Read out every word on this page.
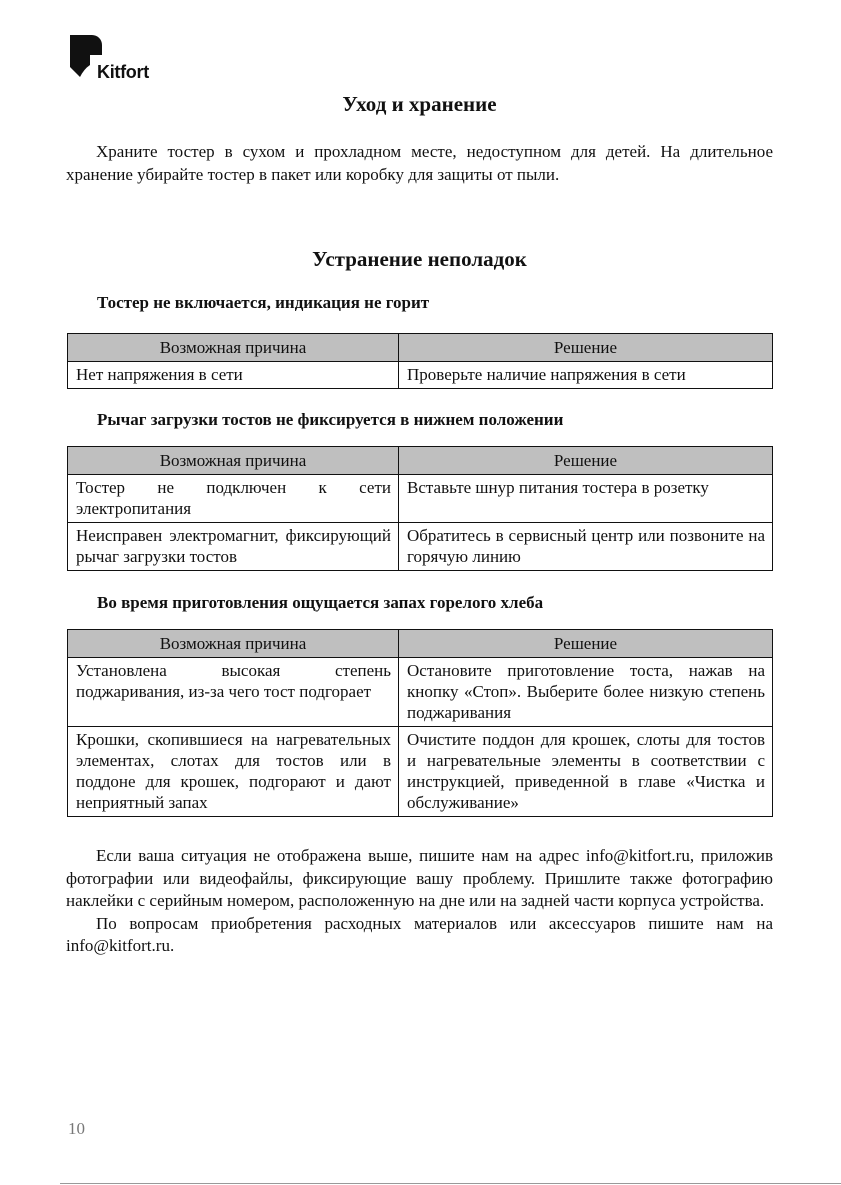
Kitfort
Уход и хранение

Храните тостер в сухом и прохладном месте, недоступном для детей. На длительное хранение убирайте тостер в пакет или коробку для защиты от пыли.

Устранение неполадок
Тостер не включается, индикация не горит
Возможная причина	Решение
Нет напряжения в сети	Проверьте наличие напряжения в сети
Рычаг загрузки тостов не фиксируется в нижнем положении
Возможная причина	Решение
Тостер не подключен к сети электропитания	Вставьте шнур питания тостера в розетку
Неисправен электромагнит, фиксирующий рычаг загрузки тостов	Обратитесь в сервисный центр или позвоните на горячую линию
Во время приготовления ощущается запах горелого хлеба
Возможная причина	Решение
Установлена высокая степень поджаривания, из-за чего тост подгорает	Остановите приготовление тоста, нажав на кнопку «Стоп». Выберите более низкую степень поджаривания
Крошки, скопившиеся на нагревательных элементах, слотах для тостов или в поддоне для крошек, подгорают и дают неприятный запах	Очистите поддон для крошек, слоты для тостов и нагревательные элементы в соответствии с инструкцией, приведенной в главе «Чистка и обслуживание»

Если ваша ситуация не отображена выше, пишите нам на адрес info@kitfort.ru, приложив фотографии или видеофайлы, фиксирующие вашу проблему. Пришлите также фотографию наклейки с серийным номером, расположенную на дне или на задней части корпуса устройства.

По вопросам приобретения расходных материалов или аксессуаров пишите нам на info@kitfort.ru.

10
